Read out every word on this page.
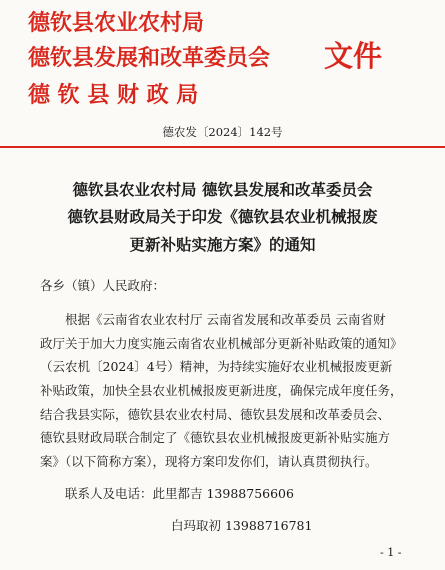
德钦县农业农村局
德钦县发展和改革委员会
德 钦 县 财 政 局
文件
德农发〔2024〕142号
德钦县农业农村局 德钦县发展和改革委员会
德钦县财政局关于印发《德钦县农业机械报废
更新补贴实施方案》的通知
各乡（镇）人民政府：
根据《云南省农业农村厅 云南省发展和改革委员 云南省财
政厅关于加大力度实施云南省农业机械部分更新补贴政策的通知》
（云农机〔2024〕4号）精神，为持续实施好农业机械报废更新
补贴政策，加快全县农业机械报废更新进度，确保完成年度任务，
结合我县实际，德钦县农业农村局、德钦县发展和改革委员会、
德钦县财政局联合制定了《德钦县农业机械报废更新补贴实施方
案》（以下简称方案），现将方案印发你们，请认真贯彻执行。
联系人及电话：此里都吉 13988756606
白玛取初 13988716781
- 1 -
